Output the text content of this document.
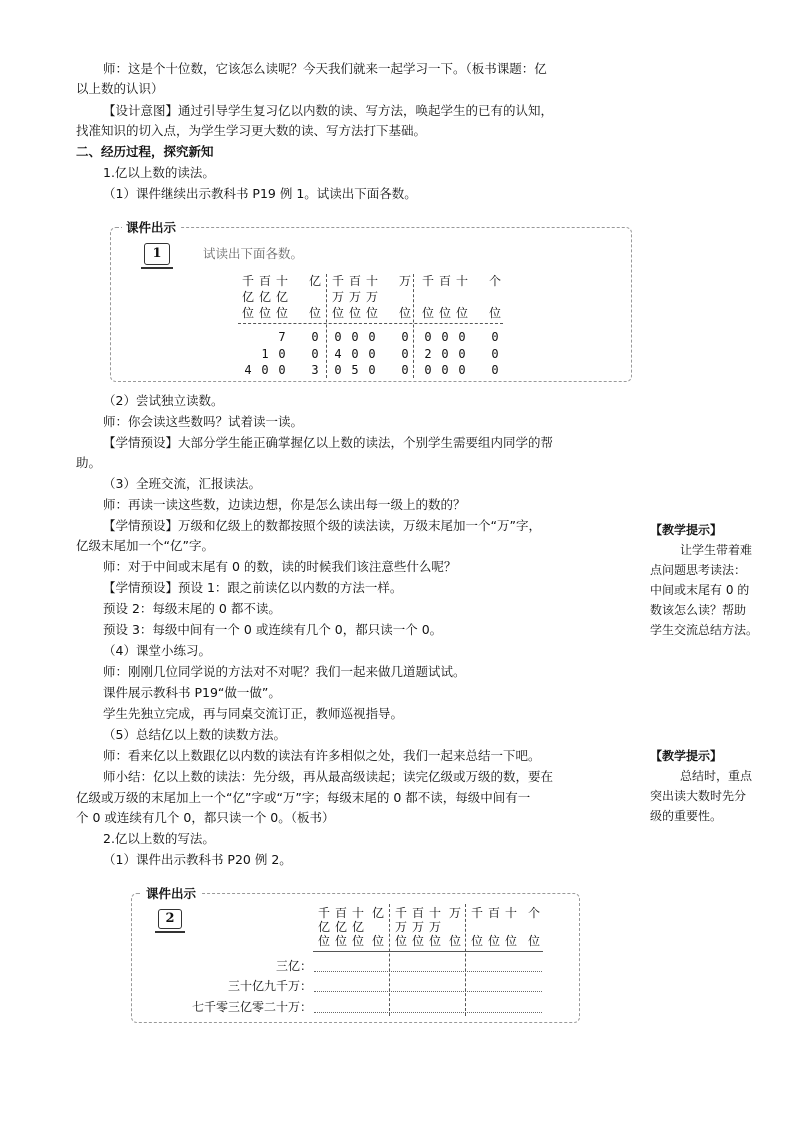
师：这是个十位数，它该怎么读呢？今天我们就来一起学习一下。（板书课题：亿
以上数的认识）
【设计意图】通过引导学生复习亿以内数的读、写方法，唤起学生的已有的认知，
找准知识的切入点，为学生学习更大数的读、写方法打下基础。
二、经历过程，探究新知
1.亿以上数的读法。
（1）课件继续出示教科书 P19 例 1。试读出下面各数。
（2）尝试独立读数。
师：你会读这些数吗？试着读一读。
【学情预设】大部分学生能正确掌握亿以上数的读法，个别学生需要组内同学的帮
助。
（3）全班交流，汇报读法。
师：再读一读这些数，边读边想，你是怎么读出每一级上的数的？
【学情预设】万级和亿级上的数都按照个级的读法读，万级末尾加一个“万”字，
亿级末尾加一个“亿”字。
师：对于中间或末尾有 0 的数，读的时候我们该注意些什么呢？
【学情预设】预设 1：跟之前读亿以内数的方法一样。
预设 2：每级末尾的 0 都不读。
预设 3：每级中间有一个 0 或连续有几个 0，都只读一个 0。
（4）课堂小练习。
师：刚刚几位同学说的方法对不对呢？我们一起来做几道题试试。
课件展示教科书 P19“做一做”。
学生先独立完成，再与同桌交流订正，教师巡视指导。
（5）总结亿以上数的读数方法。
师：看来亿以上数跟亿以内数的读法有许多相似之处，我们一起来总结一下吧。
师小结：亿以上数的读法：先分级，再从最高级读起；读完亿级或万级的数，要在
亿级或万级的末尾加上一个“亿”字或“万”字；每级末尾的 0 都不读，每级中间有一
个 0 或连续有几个 0，都只读一个 0。（板书）
2.亿以上数的写法。
（1）课件出示教科书 P20 例 2。
【教学提示】
让学生带着难
点问题思考读法：
中间或末尾有 0 的
数该怎么读？帮助
学生交流总结方法。
【教学提示】
总结时，重点
突出读大数时先分
级的重要性。
课件出示
1	试读出下面各数。
千 百 十 亿 千 百 十 万 千 百 十 个
亿 亿 亿	万 万 万
位 位 位 位 位 位 位 位 位 位 位 位
7	0	0 0 0	0	0 0 0	0
1 0	0	4 0 0	0	2 0 0	0
4 0 0	3	0 5 0	0	0 0 0	0
课件出示
2	千 百 十 亿 千 百 十 万 千 百 十 个
亿 亿 亿	万 万 万
位 位 位 位 位 位 位 位 位 位 位 位
三亿：
三十亿九千万：
七千零三亿零二十万：
